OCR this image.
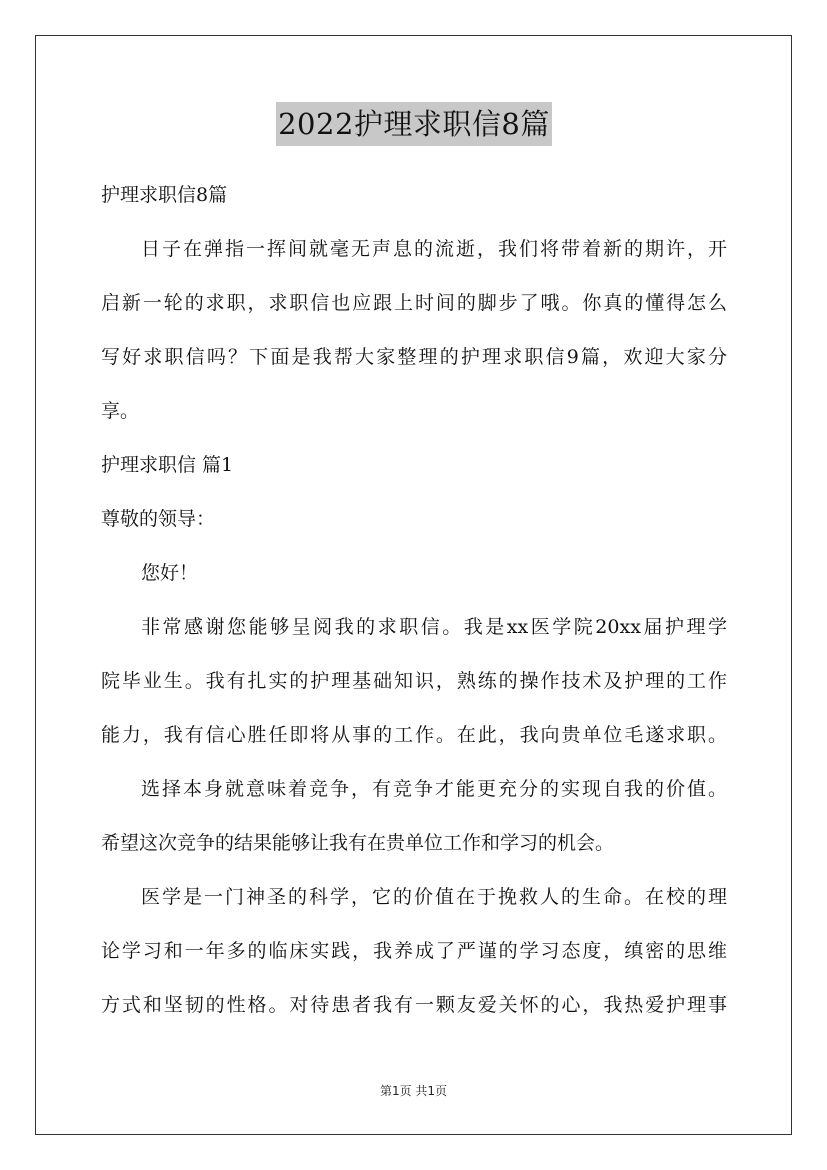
2022护理求职信8篇
护理求职信8篇
日子在弹指一挥间就毫无声息的流逝，我们将带着新的期许，开
启新一轮的求职，求职信也应跟上时间的脚步了哦。你真的懂得怎么
写好求职信吗？下面是我帮大家整理的护理求职信9篇，欢迎大家分
享。
护理求职信 篇1
尊敬的领导：
您好！
非常感谢您能够呈阅我的求职信。我是xx医学院20xx届护理学
院毕业生。我有扎实的护理基础知识，熟练的操作技术及护理的工作
能力，我有信心胜任即将从事的工作。在此，我向贵单位毛遂求职。
选择本身就意味着竞争，有竞争才能更充分的实现自我的价值。
希望这次竞争的结果能够让我有在贵单位工作和学习的机会。
医学是一门神圣的科学，它的价值在于挽救人的生命。在校的理
论学习和一年多的临床实践，我养成了严谨的学习态度，缜密的思维
方式和坚韧的性格。对待患者我有一颗友爱关怀的心，我热爱护理事
第1页 共1页
